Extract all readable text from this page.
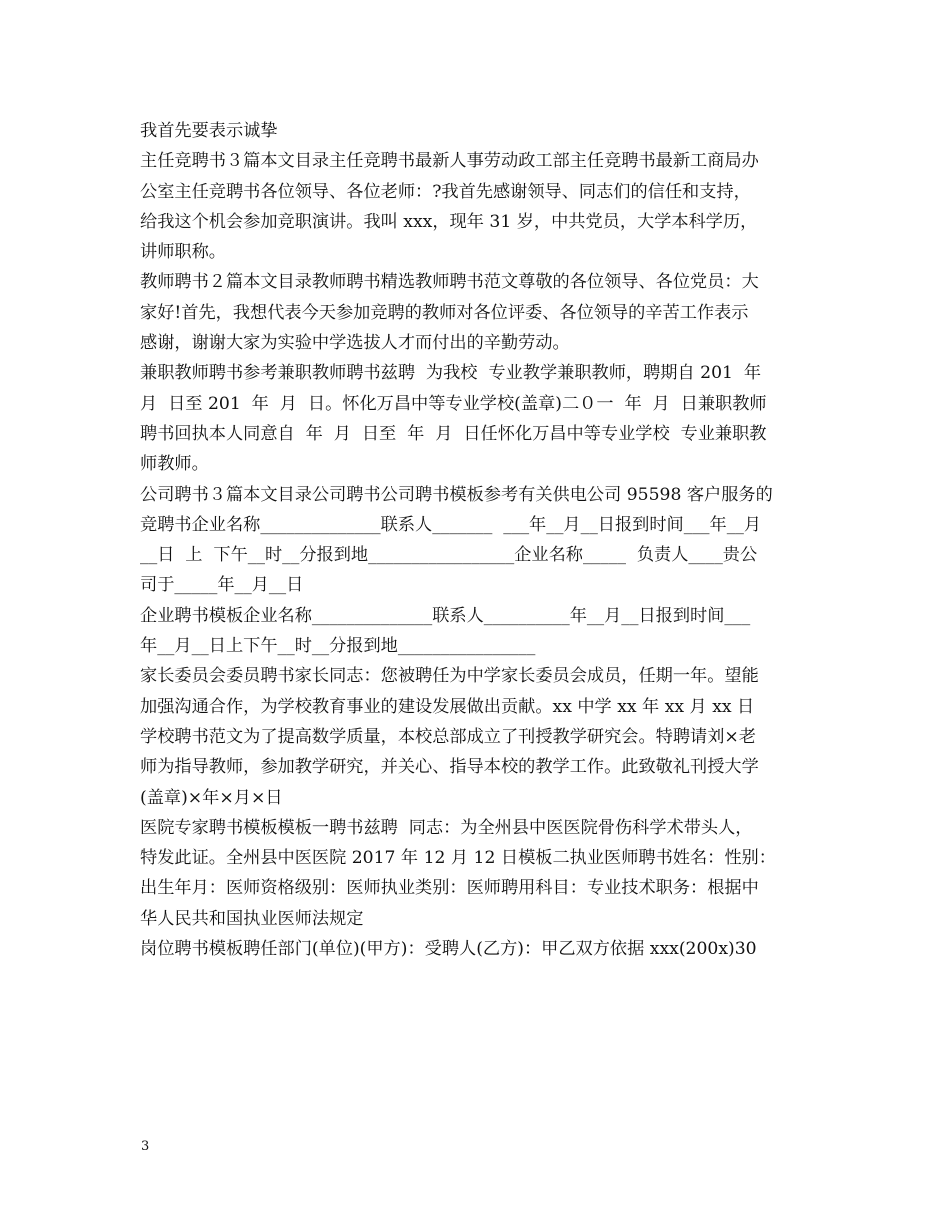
我首先要表示诚挚
主任竞聘书３篇本文目录主任竞聘书最新人事劳动政工部主任竞聘书最新工商局办
公室主任竞聘书各位领导、各位老师：?我首先感谢领导、同志们的信任和支持，
给我这个机会参加竞职演讲。我叫 xxx，现年 31 岁，中共党员，大学本科学历，
讲师职称。
教师聘书２篇本文目录教师聘书精选教师聘书范文尊敬的各位领导、各位党员：大
家好!首先，我想代表今天参加竞聘的教师对各位评委、各位领导的辛苦工作表示
感谢，谢谢大家为实验中学选拔人才而付出的辛勤劳动。
兼职教师聘书参考兼职教师聘书兹聘  为我校  专业教学兼职教师，聘期自 201  年
月  日至 201  年  月  日。怀化万昌中等专业学校(盖章)二０一  年  月  日兼职教师
聘书回执本人同意自  年  月  日至  年  月  日任怀化万昌中等专业学校  专业兼职教
师教师。
公司聘书３篇本文目录公司聘书公司聘书模板参考有关供电公司 95598 客户服务的
竞聘书企业名称______________联系人_______  ___年__月__日报到时间___年__月
__日  上  下午__时__分报到地_________________企业名称_____  负责人____贵公
司于_____年__月__日
企业聘书模板企业名称______________联系人__________年__月__日报到时间___
年__月__日上下午__时__分报到地________________
家长委员会委员聘书家长同志：您被聘任为中学家长委员会成员，任期一年。望能
加强沟通合作，为学校教育事业的建设发展做出贡献。xx 中学 xx 年 xx 月 xx 日
学校聘书范文为了提高数学质量，本校总部成立了刊授教学研究会。特聘请刘×老
师为指导教师，参加教学研究，并关心、指导本校的教学工作。此致敬礼刊授大学
(盖章)×年×月×日
医院专家聘书模板模板一聘书兹聘  同志：为全州县中医医院骨伤科学术带头人，
特发此证。全州县中医医院 2017 年 12 月 12 日模板二执业医师聘书姓名：性别：
出生年月：医师资格级别：医师执业类别：医师聘用科目：专业技术职务：根据中
华人民共和国执业医师法规定
岗位聘书模板聘任部门(单位)(甲方)：受聘人(乙方)：甲乙双方依据 xxx(200x)30
3
